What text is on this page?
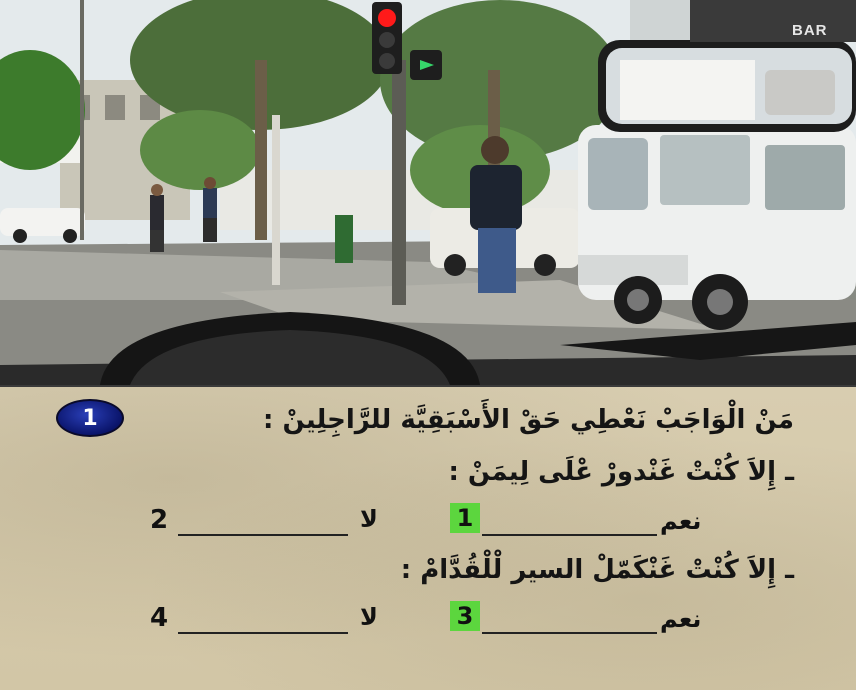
BAR
1	مَنْ الْوَاجَبْ نَعْطِي حَقْ الأَسْبَقِيَّة للرَّاجِلِينْ :
ـ إِلاَ كُنْتْ غَنْدورْ عْلَى لِيمَنْ :
2	لا	1	نعم
ـ إِلاَ كُنْتْ غَنْكَمّلْ السير لْلْقُدَّامْ :
4	لا	3	نعم
